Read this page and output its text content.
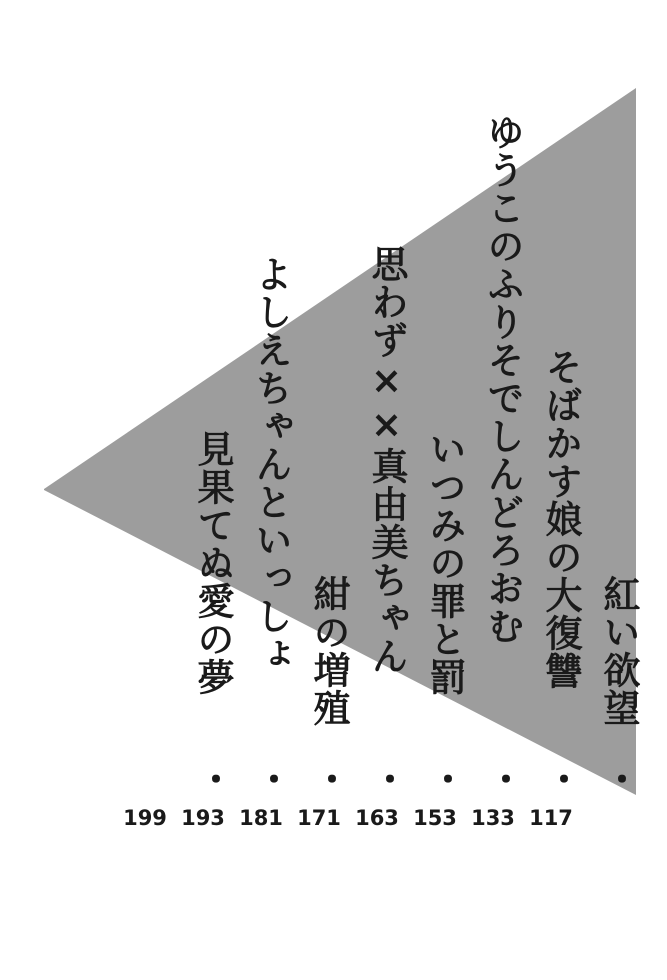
紅い欲望
・
117
そばかす娘の大復讐
・
133
ゆうこのふりそでしんどろおむ
・
153
いつみの罪と罰
・
163
思わず××真由美ちゃん
・
171
紺の増殖
・
181
よしえちゃんといっしょ
・
193
見果てぬ愛の夢
・
199
